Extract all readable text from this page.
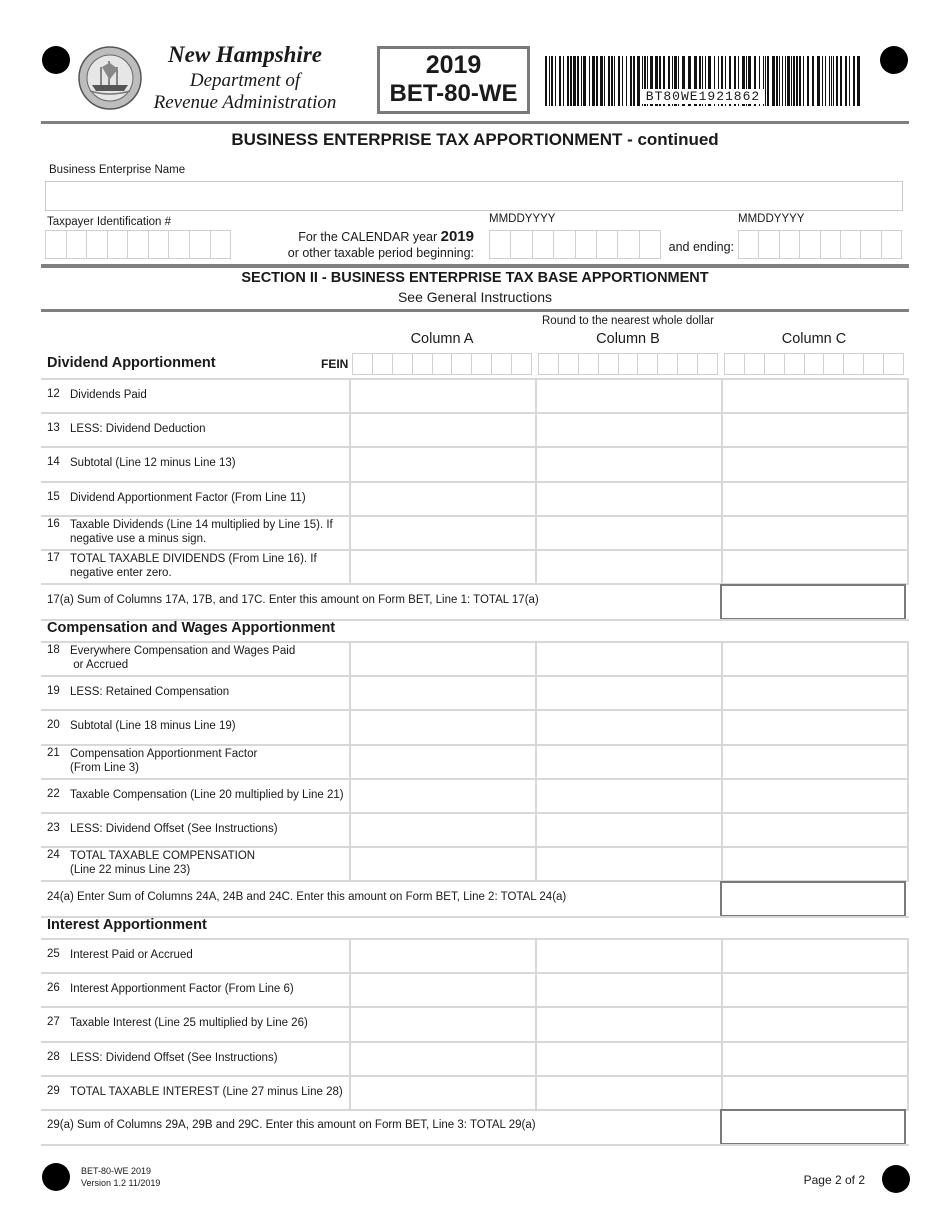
New Hampshire
Department of
Revenue Administration
2019
BET-80-WE	BT80WE1921862
BUSINESS ENTERPRISE TAX APPORTIONMENT - continued
Business Enterprise Name
Taxpayer Identification #
For the CALENDAR year 2019
or other taxable period beginning:
MMDDYYYY
and ending:
MMDDYYYY
SECTION II - BUSINESS ENTERPRISE TAX BASE APPORTIONMENT
See General Instructions
Round to the nearest whole dollar
Column A	Column B	Column C
Dividend Apportionment	FEIN
12 Dividends Paid
13 LESS: Dividend Deduction
14 Subtotal (Line 12 minus Line 13)
15 Dividend Apportionment Factor (From Line 11)
16 Taxable Dividends (Line 14 multiplied by Line 15). If
negative use a minus sign.
17 TOTAL TAXABLE DIVIDENDS (From Line 16). If
negative enter zero.
17(a) Sum of Columns 17A, 17B, and 17C. Enter this amount on Form BET, Line 1: TOTAL 17(a)
Compensation and Wages Apportionment
18 Everywhere Compensation and Wages Paid
or Accrued
19 LESS: Retained Compensation
20 Subtotal (Line 18 minus Line 19)
21 Compensation Apportionment Factor
(From Line 3)
22 Taxable Compensation (Line 20 multiplied by Line 21)
23 LESS: Dividend Offset (See Instructions)
24 TOTAL TAXABLE COMPENSATION
(Line 22 minus Line 23)
24(a) Enter Sum of Columns 24A, 24B and 24C. Enter this amount on Form BET, Line 2: TOTAL 24(a)
Interest Apportionment
25 Interest Paid or Accrued
26 Interest Apportionment Factor (From Line 6)
27 Taxable Interest (Line 25 multiplied by Line 26)
28 LESS: Dividend Offset (See Instructions)
29 TOTAL TAXABLE INTEREST (Line 27 minus Line 28)
29(a) Sum of Columns 29A, 29B and 29C. Enter this amount on Form BET, Line 3: TOTAL 29(a)
BET-80-WE 2019
Version 1.2 11/2019	Page 2 of 2
